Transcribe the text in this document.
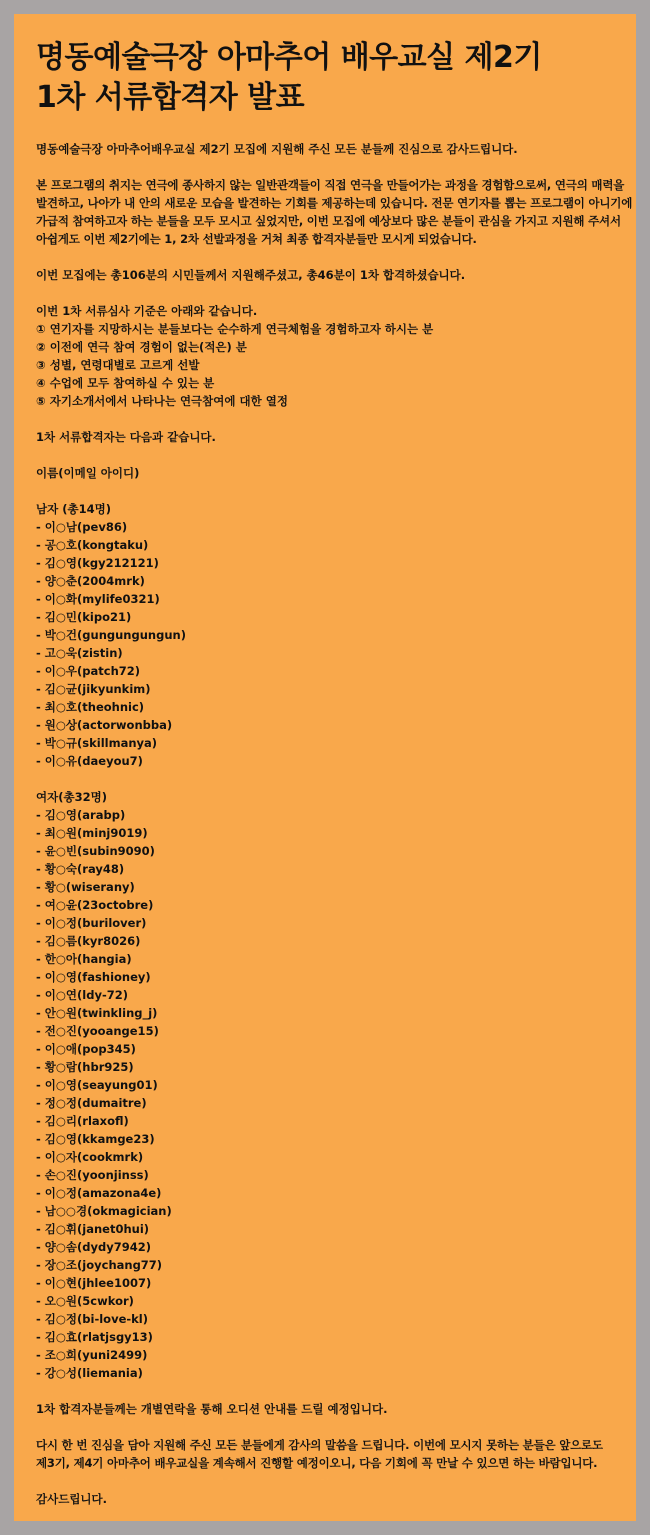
명동예술극장 아마추어 배우교실 제2기
1차 서류합격자 발표

명동예술극장 아마추어배우교실 제2기 모집에 지원해 주신 모든 분들께 진심으로 감사드립니다.

본 프로그램의 취지는 연극에 종사하지 않는 일반관객들이 직접 연극을 만들어가는 과정을 경험함으로써, 연극의 매력을
발견하고, 나아가 내 안의 새로운 모습을 발견하는 기회를 제공하는데 있습니다. 전문 연기자를 뽑는 프로그램이 아니기에
가급적 참여하고자 하는 분들을 모두 모시고 싶었지만, 이번 모집에 예상보다 많은 분들이 관심을 가지고 지원해 주셔서
아쉽게도 이번 제2기에는 1, 2차 선발과정을 거쳐 최종 합격자분들만 모시게 되었습니다.

이번 모집에는 총106분의 시민들께서 지원해주셨고, 총46분이 1차 합격하셨습니다.

이번 1차 서류심사 기준은 아래와 같습니다.
① 연기자를 지망하시는 분들보다는 순수하게 연극체험을 경험하고자 하시는 분
② 이전에 연극 참여 경험이 없는(적은) 분
③ 성별, 연령대별로 고르게 선발
④ 수업에 모두 참여하실 수 있는 분
⑤ 자기소개서에서 나타나는 연극참여에 대한 열정

1차 서류합격자는 다음과 같습니다.

이름(이메일 아이디)

남자 (총14명)
- 이○남(pev86)
- 공○호(kongtaku)
- 김○영(kgy212121)
- 양○춘(2004mrk)
- 이○화(mylife0321)
- 김○민(kipo21)
- 박○건(gungungungun)
- 고○욱(zistin)
- 이○우(patch72)
- 김○균(jikyunkim)
- 최○호(theohnic)
- 원○상(actorwonbba)
- 박○규(skillmanya)
- 이○유(daeyou7)
여자(총32명)
- 김○영(arabp)
- 최○원(minj9019)
- 윤○빈(subin9090)
- 황○숙(ray48)
- 황○(wiserany)
- 여○윤(23octobre)
- 이○정(burilover)
- 김○름(kyr8026)
- 한○아(hangia)
- 이○영(fashioney)
- 이○연(ldy-72)
- 안○원(twinkling_j)
- 전○진(yooange15)
- 이○애(pop345)
- 황○람(hbr925)
- 이○영(seayung01)
- 정○정(dumaitre)
- 김○리(rlaxofl)
- 김○영(kkamge23)
- 이○자(cookmrk)
- 손○진(yoonjinss)
- 이○정(amazona4e)
- 남○○경(okmagician)
- 김○휘(janet0hui)
- 양○솜(dydy7942)
- 장○조(joychang77)
- 이○현(jhlee1007)
- 오○원(5cwkor)
- 김○정(bi-love-kl)
- 김○효(rlatjsgy13)
- 조○희(yuni2499)
- 강○성(liemania)

1차 합격자분들께는 개별연락을 통해 오디션 안내를 드릴 예정입니다.

다시 한 번 진심을 담아 지원해 주신 모든 분들에게 감사의 말씀을 드립니다. 이번에 모시지 못하는 분들은 앞으로도
제3기, 제4기 아마추어 배우교실을 계속해서 진행할 예정이오니, 다음 기회에 꼭 만날 수 있으면 하는 바람입니다.

감사드립니다.
